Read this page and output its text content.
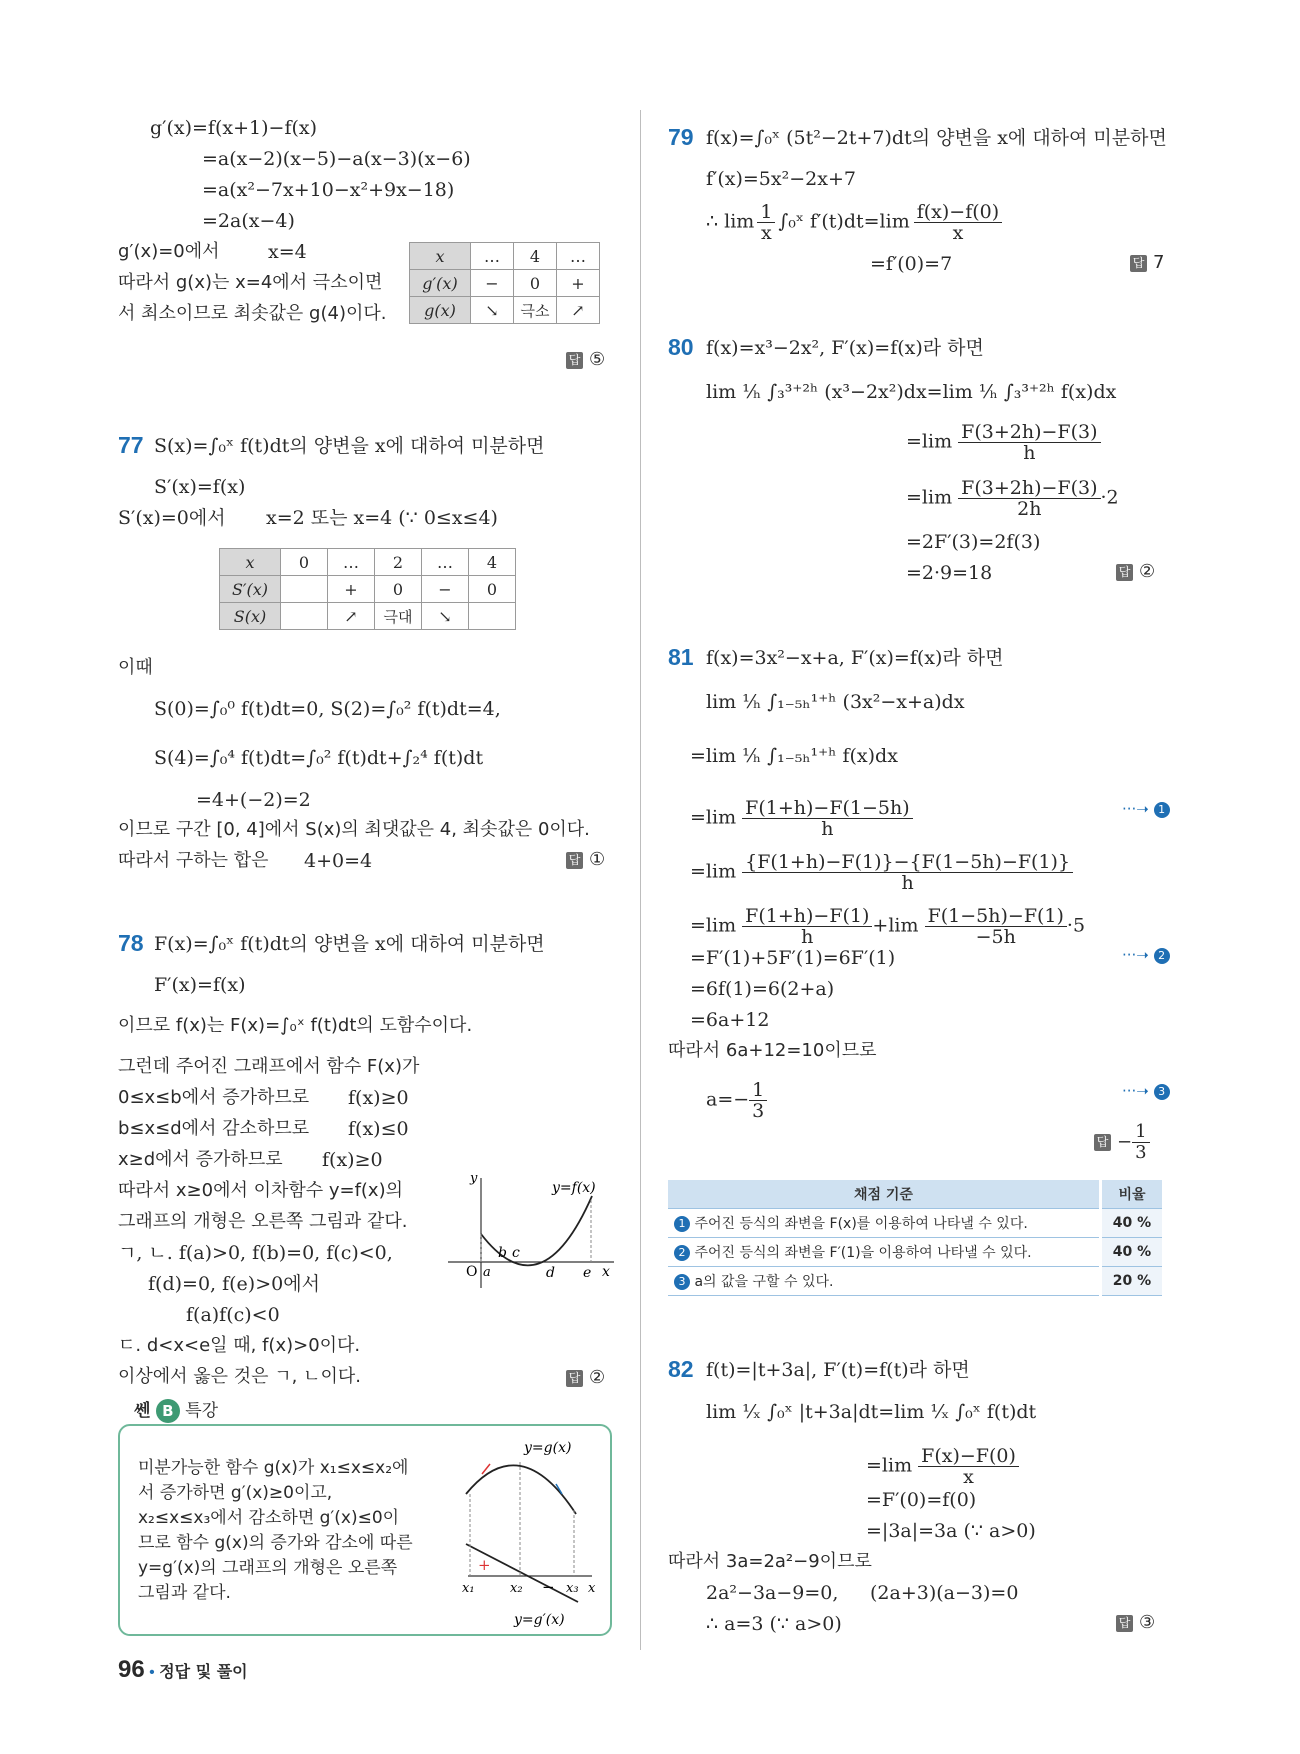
g′(x)=f(x+1)−f(x)
=a(x−2)(x−5)−a(x−3)(x−6)
=a(x²−7x+10−x²+9x−18)
=2a(x−4)
g′(x)=0에서	x=4
따라서 g(x)는 x=4에서 극소이면
서 최소이므로 최솟값은 g(4)이다.
x	…	4	…
g′(x)	−	0	+
g(x)	↘	극소	↗
답 ⑤
77 S(x)=∫₀ˣ f(t)dt의 양변을 x에 대하여 미분하면
S′(x)=f(x)
S′(x)=0에서 x=2 또는 x=4 (∵ 0≤x≤4)
x	0	…	2	…	4
S′(x)		+	0	−	0
S(x)		↗	극대	↘	
이때
S(0)=∫₀⁰ f(t)dt=0, S(2)=∫₀² f(t)dt=4,
S(4)=∫₀⁴ f(t)dt=∫₀² f(t)dt+∫₂⁴ f(t)dt
=4+(−2)=2
이므로 구간 [0, 4]에서 S(x)의 최댓값은 4, 최솟값은 0이다.
따라서 구하는 합은 4+0=4	답 ①
78 F(x)=∫₀ˣ f(t)dt의 양변을 x에 대하여 미분하면
F′(x)=f(x)
이므로 f(x)는 F(x)=∫₀ˣ f(t)dt의 도함수이다.
그런데 주어진 그래프에서 함수 F(x)가
0≤x≤b에서 증가하므로 f(x)≥0
b≤x≤d에서 감소하므로 f(x)≤0
x≥d에서 증가하므로 f(x)≥0
따라서 x≥0에서 이차함수 y=f(x)의
그래프의 개형은 오른쪽 그림과 같다.
ㄱ, ㄴ. f(a)>0, f(b)=0, f(c)<0,
f(d)=0, f(e)>0에서
f(a)f(c)<0
ㄷ. d<x<e일 때, f(x)>0이다.
이상에서 옳은 것은 ㄱ, ㄴ이다.	답 ②
y
y=f(x)
O a
b c
d e x
쎈 B 특강
미분가능한 함수 g(x)가 x₁≤x≤x₂에
서 증가하면 g′(x)≥0이고,
x₂≤x≤x₃에서 감소하면 g′(x)≤0이
므로 함수 g(x)의 증가와 감소에 따른
y=g′(x)의 그래프의 개형은 오른쪽
그림과 같다.
y=g(x)
+
−
x₁	x₂	x₃ x
y=g′(x)
79 f(x)=∫₀ˣ (5t²−2t+7)dt의 양변을 x에 대하여 미분하면
f′(x)=5x²−2x+7
∴ $\lim \frac{1}{x}$ ∫₀ˣ $f'(t)dt=\lim \frac{f(x)-f(0)}{x}$
=f′(0)=7	답 7
80 f(x)=x³−2x², F′(x)=f(x)라 하면
lim ¹⁄ₕ ∫₃³⁺²ʰ (x³−2x²)dx=lim ¹⁄ₕ ∫₃³⁺²ʰ f(x)dx
$=\lim \frac{F(3+2h)-F(3)}{h}$
$=\lim \frac{F(3+2h)-F(3)}{2h} \cdot 2$
=2F′(3)=2f(3)
=2·9=18	답 ②
81 f(x)=3x²−x+a, F′(x)=f(x)라 하면
lim ¹⁄ₕ ∫₁₋₅ₕ¹⁺ʰ (3x²−x+a)dx
=lim ¹⁄ₕ ∫₁₋₅ₕ¹⁺ʰ f(x)dx
$=\lim \frac{F(1+h)-F(1-5h)}{h}$
$=\lim \frac{\{F(1+h)-F(1)\}-\{F(1-5h)-F(1)\}}{h}$
$=\lim \frac{F(1+h)-F(1)}{h} +\lim \frac{F(1-5h)-F(1)}{-5h} \cdot 5$
=F′(1)+5F′(1)=6F′(1)
=6f(1)=6(2+a)
=6a+12
따라서 6a+12=10이므로
$a=- \frac{1}{3}$
···➝ 1
···➝ 2
···➝ 3
답 − $\frac{1}{3}$
채점 기준	비율
1 주어진 등식의 좌변을 F(x)를 이용하여 나타낼 수 있다.	40 %
2 주어진 등식의 좌변을 F′(1)을 이용하여 나타낼 수 있다.	40 %
3 a의 값을 구할 수 있다.	20 %
82 f(t)=|t+3a|, F′(t)=f(t)라 하면
lim ¹⁄ₓ ∫₀ˣ |t+3a|dt=lim ¹⁄ₓ ∫₀ˣ f(t)dt
$=\lim \frac{F(x)-F(0)}{x}$
=F′(0)=f(0)
=|3a|=3a (∵ a>0)
따라서 3a=2a²−9이므로
2a²−3a−9=0, (2a+3)(a−3)=0
∴ a=3 (∵ a>0)	답 ③
96 • 정답 및 풀이
